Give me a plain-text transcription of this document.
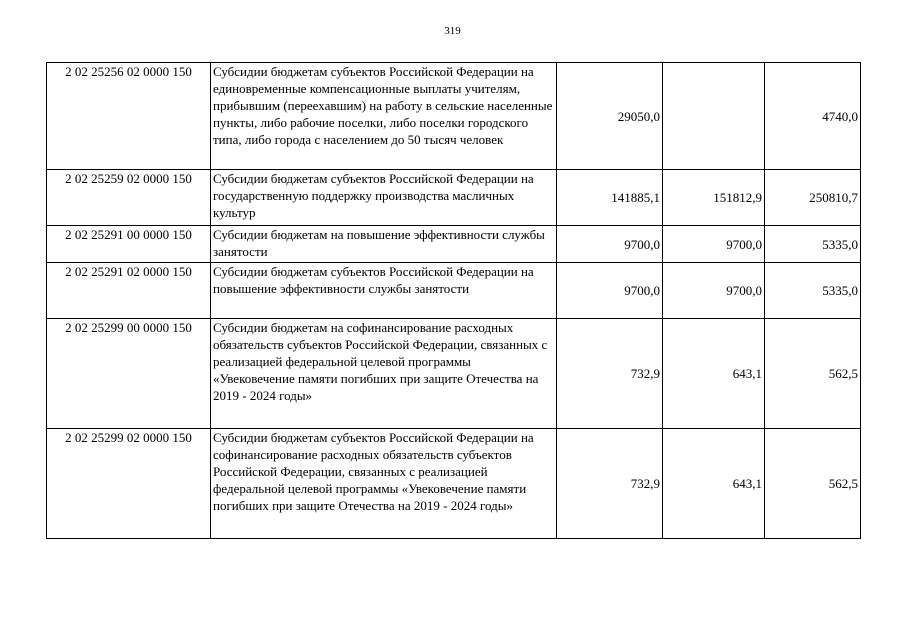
319
2 02 25256 02 0000 150	Субсидии бюджетам субъектов Российской Федерации на единовременные компенсационные выплаты учителям, прибывшим (переехавшим) на работу в сельские населенные пункты, либо рабочие поселки, либо поселки городского типа, либо города с населением до 50 тысяч человек	29050,0		4740,0
2 02 25259 02 0000 150	Субсидии бюджетам субъектов Российской Федерации на государственную поддержку производства масличных культур	141885,1	151812,9	250810,7
2 02 25291 00 0000 150	Субсидии бюджетам на повышение эффективности службы занятости	9700,0	9700,0	5335,0
2 02 25291 02 0000 150	Субсидии бюджетам субъектов Российской Федерации на повышение эффективности службы занятости	9700,0	9700,0	5335,0
2 02 25299 00 0000 150	Субсидии бюджетам на софинансирование расходных обязательств субъектов Российской Федерации, связанных с реализацией федеральной целевой программы «Увековечение памяти погибших при защите Отечества на 2019 - 2024 годы»	732,9	643,1	562,5
2 02 25299 02 0000 150	Субсидии бюджетам субъектов Российской Федерации на софинансирование расходных обязательств субъектов Российской Федерации, связанных с реализацией федеральной целевой программы «Увековечение памяти погибших при защите Отечества на 2019 - 2024 годы»	732,9	643,1	562,5
